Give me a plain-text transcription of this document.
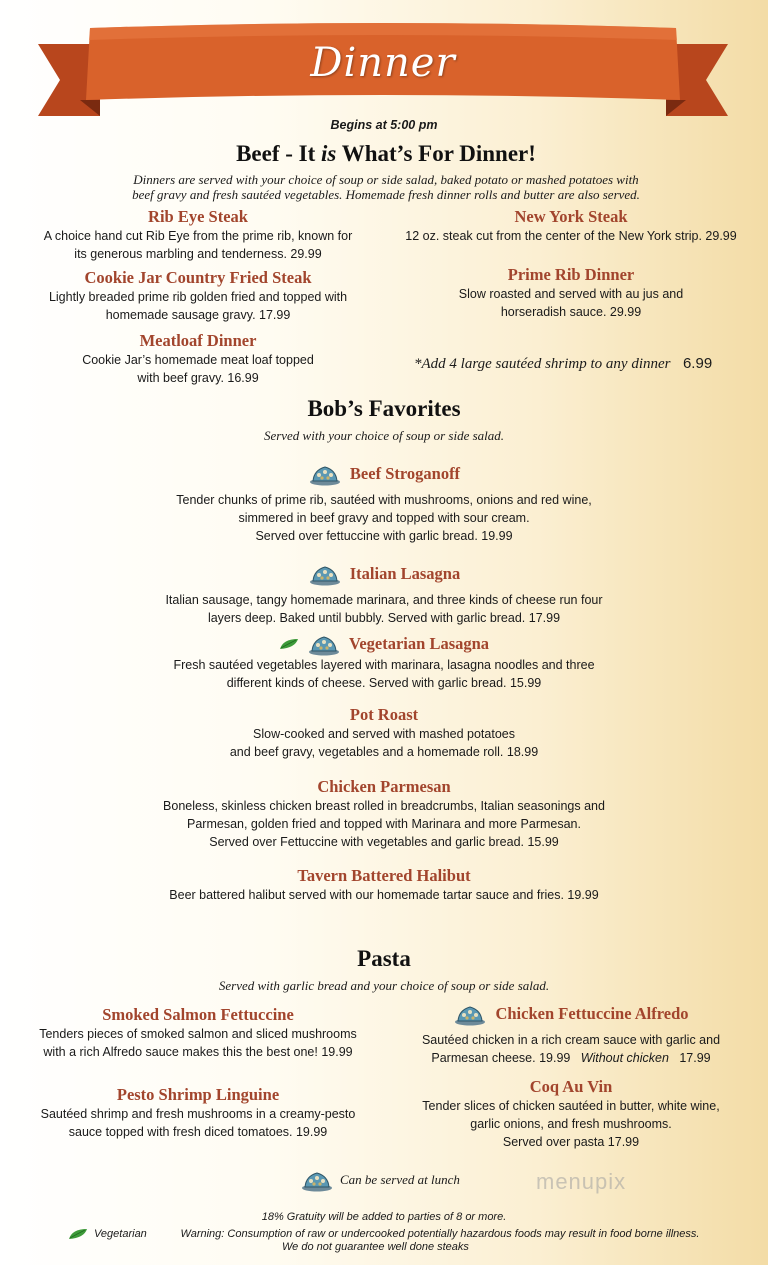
Dinner
Begins at 5:00 pm
Beef - It is What’s For Dinner!
Dinners are served with your choice of soup or side salad, baked potato or mashed potatoes with
beef gravy and fresh sautéed vegetables. Homemade fresh dinner rolls and butter are also served.
Rib Eye Steak
A choice hand cut Rib Eye from the prime rib, known for
its generous marbling and tenderness. 29.99
New York Steak
12 oz. steak cut from the center of the New York strip. 29.99
Cookie Jar Country Fried Steak
Lightly breaded prime rib golden fried and topped with
homemade sausage gravy. 17.99
Prime Rib Dinner
Slow roasted and served with au jus and
horseradish sauce. 29.99
Meatloaf Dinner
Cookie Jar’s homemade meat loaf topped
with beef gravy. 16.99
*Add 4 large sautéed shrimp to any dinner 6.99
Bob’s Favorites
Served with your choice of soup or side salad.
Beef Stroganoff
Tender chunks of prime rib, sautéed with mushrooms, onions and red wine,
simmered in beef gravy and topped with sour cream.
Served over fettuccine with garlic bread. 19.99
Italian Lasagna
Italian sausage, tangy homemade marinara, and three kinds of cheese run four
layers deep. Baked until bubbly. Served with garlic bread. 17.99
Vegetarian Lasagna
Fresh sautéed vegetables layered with marinara, lasagna noodles and three
different kinds of cheese. Served with garlic bread. 15.99
Pot Roast
Slow-cooked and served with mashed potatoes
and beef gravy, vegetables and a homemade roll. 18.99
Chicken Parmesan
Boneless, skinless chicken breast rolled in breadcrumbs, Italian seasonings and
Parmesan, golden fried and topped with Marinara and more Parmesan.
Served over Fettuccine with vegetables and garlic bread. 15.99
Tavern Battered Halibut
Beer battered halibut served with our homemade tartar sauce and fries. 19.99
Pasta
Served with garlic bread and your choice of soup or side salad.
Smoked Salmon Fettuccine
Tenders pieces of smoked salmon and sliced mushrooms
with a rich Alfredo sauce makes this the best one! 19.99
Chicken Fettuccine Alfredo
Sautéed chicken in a rich cream sauce with garlic and
Parmesan cheese. 19.99 Without chicken 17.99
Pesto Shrimp Linguine
Sautéed shrimp and fresh mushrooms in a creamy-pesto
sauce topped with fresh diced tomatoes. 19.99
Coq Au Vin
Tender slices of chicken sautéed in butter, white wine,
garlic onions, and fresh mushrooms.
Served over pasta 17.99
Can be served at lunch	menupix
18% Gratuity will be added to parties of 8 or more.
Vegetarian	Warning: Consumption of raw or undercooked potentially hazardous foods may result in food borne illness.
We do not guarantee well done steaks
